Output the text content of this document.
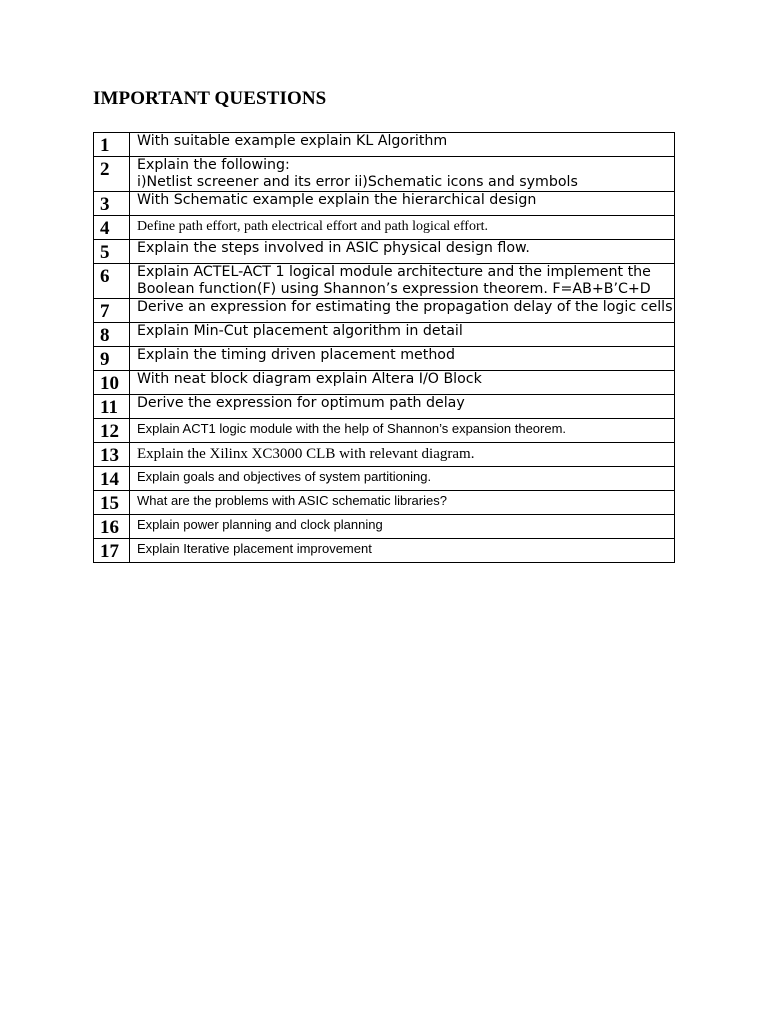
IMPORTANT QUESTIONS
1	With suitable example explain KL Algorithm

2	Explain the following:
i)Netlist screener and its error ii)Schematic icons and symbols

3	With Schematic example explain the hierarchical design

4	Define path effort, path electrical effort and path logical effort.

5	Explain the steps involved in ASIC physical design flow.

6	Explain ACTEL-ACT 1 logical module architecture and the implement the Boolean function(F) using Shannon’s expression theorem. F=AB+B’C+D

7	Derive an expression for estimating the propagation delay of the logic cells

8	Explain Min-Cut placement algorithm in detail

9	Explain the timing driven placement method

10	With neat block diagram explain Altera I/O Block

11	Derive the expression for optimum path delay

12	Explain ACT1 logic module with the help of Shannon’s expansion theorem.

13	Explain the Xilinx XC3000 CLB with relevant diagram.

14	Explain goals and objectives of system partitioning.

15	What are the problems with ASIC schematic libraries?

16	Explain power planning and clock planning

17	Explain Iterative placement improvement
